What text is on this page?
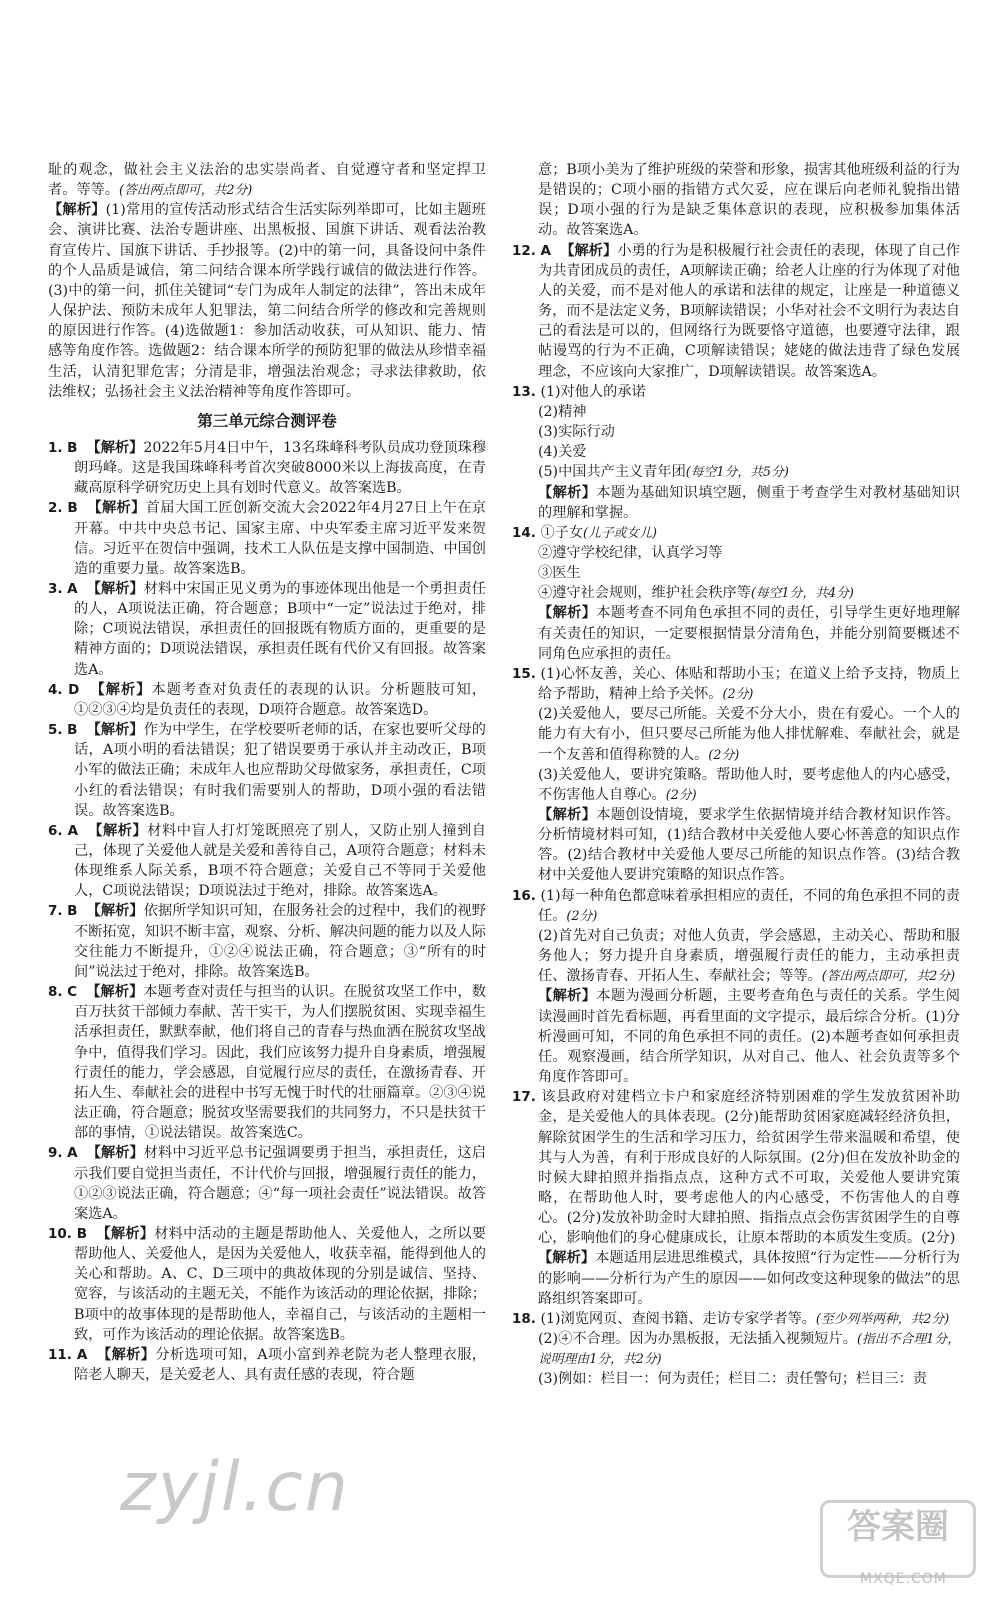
耻的观念，做社会主义法治的忠实崇尚者、自觉遵守者和坚定捍卫者。等等。(答出两点即可，共2分)

【解析】(1)常用的宣传活动形式结合生活实际列举即可，比如主题班会、演讲比赛、法治专题讲座、出黑板报、国旗下讲话、观看法治教育宣传片、国旗下讲话、手抄报等。(2)中的第一问，具备设问中条件的个人品质是诚信，第二问结合课本所学践行诚信的做法进行作答。(3)中的第一问，抓住关键词“专门为成年人制定的法律”，答出未成年人保护法、预防未成年人犯罪法，第二问结合所学的修改和完善规则的原因进行作答。(4)选做题1：参加活动收获，可从知识、能力、情感等角度作答。选做题2：结合课本所学的预防犯罪的做法从珍惜幸福生活，认清犯罪危害；分清是非，增强法治观念；寻求法律救助，依法维权；弘扬社会主义法治精神等角度作答即可。

第三单元综合测评卷

1. B 【解析】2022年5月4日中午，13名珠峰科考队员成功登顶珠穆朗玛峰。这是我国珠峰科考首次突破8000米以上海拔高度，在青藏高原科学研究历史上具有划时代意义。故答案选B。

2. B 【解析】首届大国工匠创新交流大会2022年4月27日上午在京开幕。中共中央总书记、国家主席、中央军委主席习近平发来贺信。习近平在贺信中强调，技术工人队伍是支撑中国制造、中国创造的重要力量。故答案选B。

3. A 【解析】材料中宋国正见义勇为的事迹体现出他是一个勇担责任的人，A项说法正确，符合题意；B项中“一定”说法过于绝对，排除；C项说法错误，承担责任的回报既有物质方面的，更重要的是精神方面的；D项说法错误，承担责任既有代价又有回报。故答案选A。

4. D 【解析】本题考查对负责任的表现的认识。分析题肢可知，①②③④均是负责任的表现，D项符合题意。故答案选D。

5. B 【解析】作为中学生，在学校要听老师的话，在家也要听父母的话，A项小明的看法错误；犯了错误要勇于承认并主动改正，B项小军的做法正确；未成年人也应帮助父母做家务，承担责任，C项小红的看法错误；有时我们需要别人的帮助，D项小强的看法错误。故答案选B。

6. A 【解析】材料中盲人打灯笼既照亮了别人，又防止别人撞到自己，体现了关爱他人就是关爱和善待自己，A项符合题意；材料未体现维系人际关系，B项不符合题意；关爱自己不等同于关爱他人，C项说法错误；D项说法过于绝对，排除。故答案选A。

7. B 【解析】依据所学知识可知，在服务社会的过程中，我们的视野不断拓宽，知识不断丰富，观察、分析、解决问题的能力以及人际交往能力不断提升，①②④说法正确，符合题意；③“所有的时间”说法过于绝对，排除。故答案选B。

8. C 【解析】本题考查对责任与担当的认识。在脱贫攻坚工作中，数百万扶贫干部倾力奉献、苦干实干，为人们摆脱贫困、实现幸福生活承担责任，默默奉献，他们将自己的青春与热血洒在脱贫攻坚战争中，值得我们学习。因此，我们应该努力提升自身素质，增强履行责任的能力，学会感恩，自觉履行应尽的责任，在激扬青春、开拓人生、奉献社会的进程中书写无愧于时代的壮丽篇章。②③④说法正确，符合题意；脱贫攻坚需要我们的共同努力，不只是扶贫干部的事情，①说法错误。故答案选C。

9. A 【解析】材料中习近平总书记强调要勇于担当，承担责任，这启示我们要自觉担当责任，不计代价与回报，增强履行责任的能力，①②③说法正确，符合题意；④“每一项社会责任”说法错误。故答案选A。

10. B 【解析】材料中活动的主题是帮助他人、关爱他人，之所以要帮助他人、关爱他人，是因为关爱他人，收获幸福，能得到他人的关心和帮助。A、C、D三项中的典故体现的分别是诚信、坚持、宽容，与该活动的主题无关，不能作为该活动的理论依据，排除；B项中的故事体现的是帮助他人，幸福自己，与该活动的主题相一致，可作为该活动的理论依据。故答案选B。

11. A 【解析】分析选项可知，A项小富到养老院为老人整理衣服，陪老人聊天，是关爱老人、具有责任感的表现，符合题

意；B项小美为了维护班级的荣誉和形象，损害其他班级利益的行为是错误的；C项小丽的指错方式欠妥，应在课后向老师礼貌指出错误；D项小强的行为是缺乏集体意识的表现，应积极参加集体活动。故答案选A。

12. A 【解析】小勇的行为是积极履行社会责任的表现，体现了自己作为共青团成员的责任，A项解读正确；给老人让座的行为体现了对他人的关爱，而不是对他人的承诺和法律的规定，让座是一种道德义务，而不是法定义务，B项解读错误；小华对社会不文明行为表达自己的看法是可以的，但网络行为既要恪守道德，也要遵守法律，跟帖谩骂的行为不正确，C项解读错误；姥姥的做法违背了绿色发展理念，不应该向大家推广，D项解读错误。故答案选A。

13. (1)对他人的承诺

(2)精神

(3)实际行动

(4)关爱

(5)中国共产主义青年团(每空1分，共5分)

【解析】本题为基础知识填空题，侧重于考查学生对教材基础知识的理解和掌握。

14. ①子女(儿子或女儿)

②遵守学校纪律，认真学习等

③医生

④遵守社会规则，维护社会秩序等(每空1分，共4分)

【解析】本题考查不同角色承担不同的责任，引导学生更好地理解有关责任的知识，一定要根据情景分清角色，并能分别简要概述不同角色应承担的责任。

15. (1)心怀友善，关心、体贴和帮助小玉；在道义上给予支持，物质上给予帮助，精神上给予关怀。(2分)

(2)关爱他人，要尽己所能。关爱不分大小，贵在有爱心。一个人的能力有大有小，但只要尽己所能为他人排忧解难、奉献社会，就是一个友善和值得称赞的人。(2分)

(3)关爱他人，要讲究策略。帮助他人时，要考虑他人的内心感受，不伤害他人自尊心。(2分)

【解析】本题创设情境，要求学生依据情境并结合教材知识作答。分析情境材料可知，(1)结合教材中关爱他人要心怀善意的知识点作答。(2)结合教材中关爱他人要尽己所能的知识点作答。(3)结合教材中关爱他人要讲究策略的知识点作答。

16. (1)每一种角色都意味着承担相应的责任，不同的角色承担不同的责任。(2分)

(2)首先对自己负责；对他人负责，学会感恩，主动关心、帮助和服务他人；努力提升自身素质，增强履行责任的能力，主动承担责任、激扬青春、开拓人生、奉献社会；等等。(答出两点即可，共2分)

【解析】本题为漫画分析题，主要考查角色与责任的关系。学生阅读漫画时首先看标题，再看里面的文字提示，最后综合分析。(1)分析漫画可知，不同的角色承担不同的责任。(2)本题考查如何承担责任。观察漫画，结合所学知识，从对自己、他人、社会负责等多个角度作答即可。

17. 该县政府对建档立卡户和家庭经济特别困难的学生发放贫困补助金，是关爱他人的具体表现。(2分)能帮助贫困家庭减轻经济负担，解除贫困学生的生活和学习压力，给贫困学生带来温暖和希望，使其与人为善，有利于形成良好的人际氛围。(2分)但在发放补助金的时候大肆拍照并指指点点，这种方式不可取，关爱他人要讲究策略，在帮助他人时，要考虑他人的内心感受，不伤害他人的自尊心。(2分)发放补助金时大肆拍照、指指点点会伤害贫困学生的自尊心，影响他们的身心健康成长，让原本帮助的本质发生变质。(2分)

【解析】本题适用层进思维模式，具体按照“行为定性——分析行为的影响——分析行为产生的原因——如何改变这种现象的做法”的思路组织答案即可。

18. (1)浏览网页、查阅书籍、走访专家学者等。(至少列举两种，共2分)

(2)④不合理。因为办黑板报，无法插入视频短片。(指出不合理1分，说明理由1分，共2分)

(3)例如：栏目一：何为责任；栏目二：责任警句；栏目三：责

zyjl.cn	答案圈
MXQE.COM
